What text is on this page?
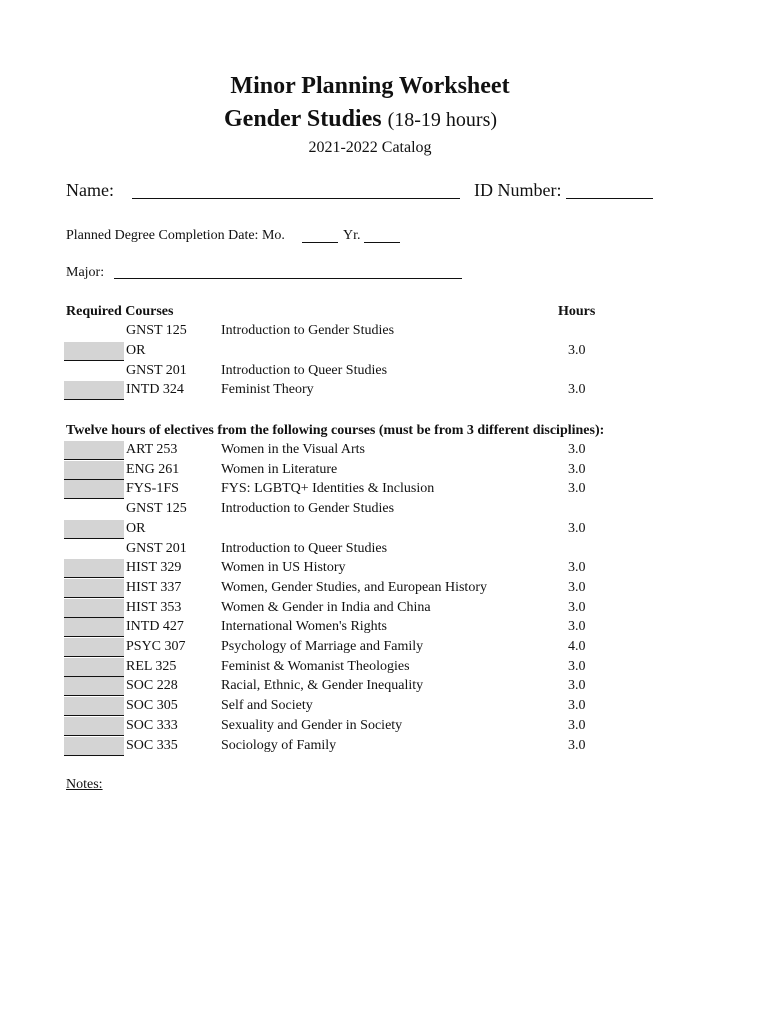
Minor Planning Worksheet
Gender Studies (18-19 hours)
2021-2022 Catalog
Name:	ID Number:
Planned Degree Completion Date: Mo.	Yr.
Major:
Required Courses	Hours
GNST 125 Introduction to Gender Studies
OR	3.0
GNST 201 Introduction to Queer Studies
INTD 324	Feminist Theory	3.0
Twelve hours of electives from the following courses (must be from 3 different disciplines):
ART 253	Women in the Visual Arts	3.0
ENG 261	Women in Literature	3.0
FYS-1FS	FYS: LGBTQ+ Identities & Inclusion	3.0
GNST 125 Introduction to Gender Studies
OR	3.0
GNST 201 Introduction to Queer Studies
HIST 329	Women in US History	3.0
HIST 337	Women, Gender Studies, and European History	3.0
HIST 353	Women & Gender in India and China	3.0
INTD 427	International Women's Rights	3.0
PSYC 307	Psychology of Marriage and Family	4.0
REL 325	Feminist & Womanist Theologies	3.0
SOC 228	Racial, Ethnic, & Gender Inequality	3.0
SOC 305	Self and Society	3.0
SOC 333	Sexuality and Gender in Society	3.0
SOC 335	Sociology of Family	3.0
Notes:
